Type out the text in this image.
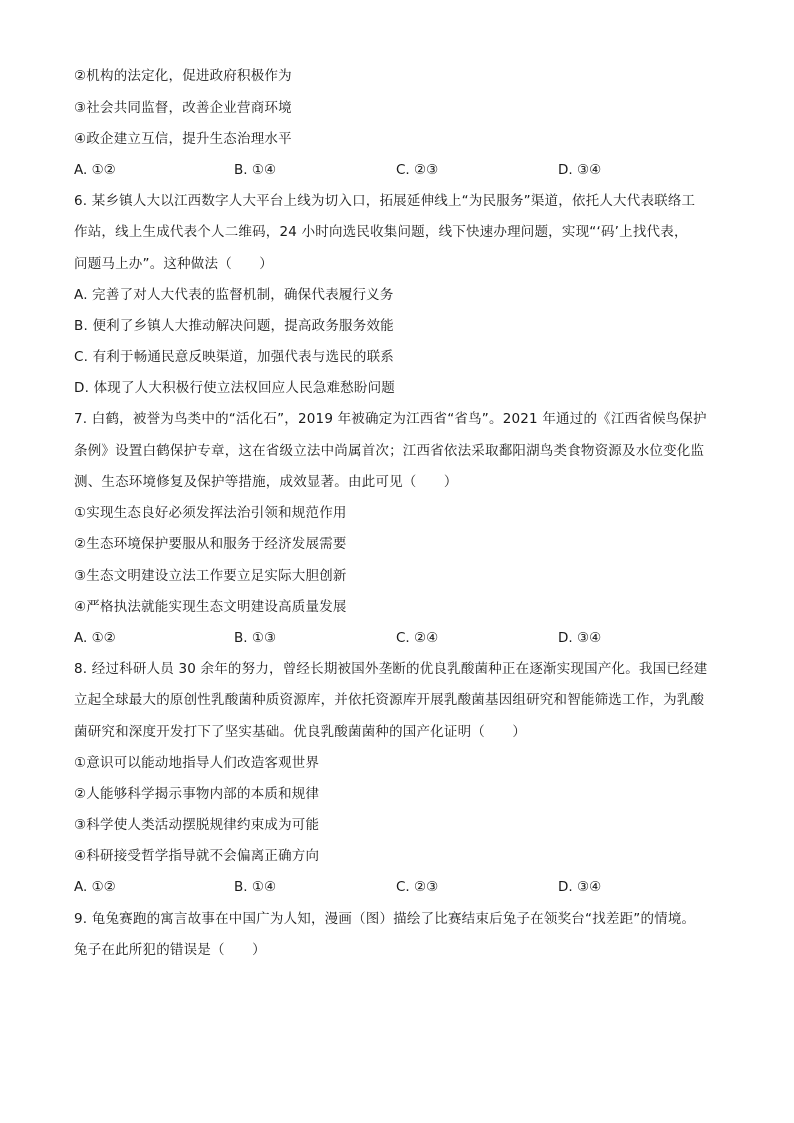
②机构的法定化，促进政府积极作为
③社会共同监督，改善企业营商环境
④政企建立互信，提升生态治理水平
A. ①②	B. ①④	C. ②③	D. ③④
6. 某乡镇人大以江西数字人大平台上线为切入口，拓展延伸线上“为民服务”渠道，依托人大代表联络工
作站，线上生成代表个人二维码，24 小时向选民收集问题，线下快速办理问题，实现“‘码’上找代表，
问题马上办”。这种做法（　　）
A. 完善了对人大代表的监督机制，确保代表履行义务
B. 便利了乡镇人大推动解决问题，提高政务服务效能
C. 有利于畅通民意反映渠道，加强代表与选民的联系
D. 体现了人大积极行使立法权回应人民急难愁盼问题
7. 白鹤，被誉为鸟类中的“活化石”，2019 年被确定为江西省“省鸟”。2021 年通过的《江西省候鸟保护
条例》设置白鹤保护专章，这在省级立法中尚属首次；江西省依法采取鄱阳湖鸟类食物资源及水位变化监
测、生态环境修复及保护等措施，成效显著。由此可见（　　）
①实现生态良好必须发挥法治引领和规范作用
②生态环境保护要服从和服务于经济发展需要
③生态文明建设立法工作要立足实际大胆创新
④严格执法就能实现生态文明建设高质量发展
A. ①②	B. ①③	C. ②④	D. ③④
8. 经过科研人员 30 余年的努力，曾经长期被国外垄断的优良乳酸菌种正在逐渐实现国产化。我国已经建
立起全球最大的原创性乳酸菌种质资源库，并依托资源库开展乳酸菌基因组研究和智能筛选工作，为乳酸
菌研究和深度开发打下了坚实基础。优良乳酸菌菌种的国产化证明（　　）
①意识可以能动地指导人们改造客观世界
②人能够科学揭示事物内部的本质和规律
③科学使人类活动摆脱规律约束成为可能
④科研接受哲学指导就不会偏离正确方向
A. ①②	B. ①④	C. ②③	D. ③④
9. 龟兔赛跑的寓言故事在中国广为人知，漫画（图）描绘了比赛结束后兔子在领奖台“找差距”的情境。
兔子在此所犯的错误是（　　）
